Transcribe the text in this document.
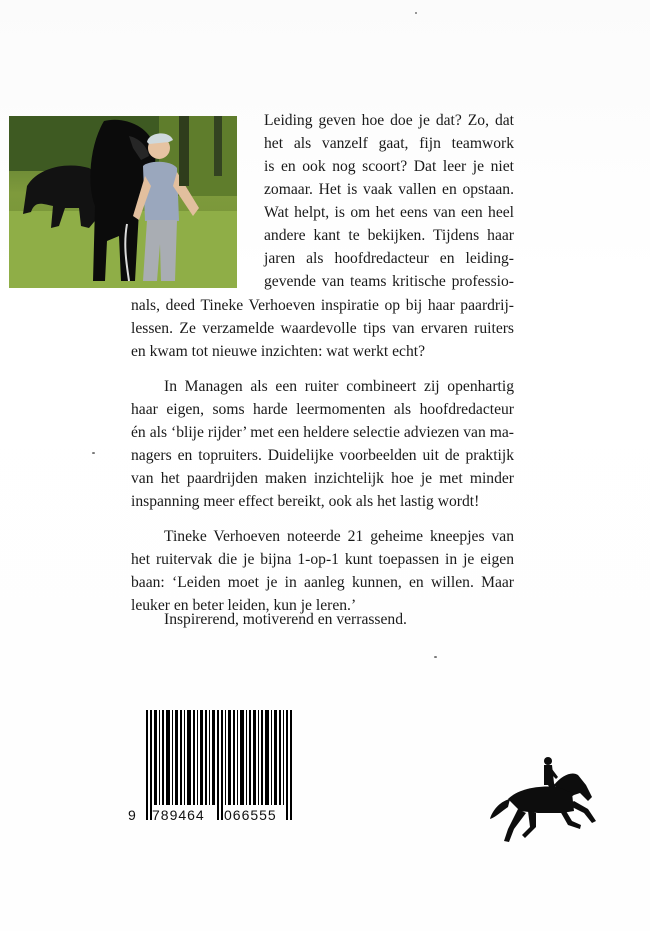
Leiding geven hoe doe je dat? Zo, dat
het als vanzelf gaat, fijn teamwork
is en ook nog scoort? Dat leer je niet
zomaar. Het is vaak vallen en opstaan.
Wat helpt, is om het eens van een heel
andere kant te bekijken. Tijdens haar
jaren als hoofdredacteur en leiding-
gevende van teams kritische professio-
nals, deed Tineke Verhoeven inspiratie op bij haar paardrij-
lessen. Ze verzamelde waardevolle tips van ervaren ruiters
en kwam tot nieuwe inzichten: wat werkt echt?
In Managen als een ruiter combineert zij openhartig
haar eigen, soms harde leermomenten als hoofdredacteur
én als ‘blije rijder’ met een heldere selectie adviezen van ma-
nagers en topruiters. Duidelijke voorbeelden uit de praktijk
van het paardrijden maken inzichtelijk hoe je met minder
inspanning meer effect bereikt, ook als het lastig wordt!
Tineke Verhoeven noteerde 21 geheime kneepjes van
het ruitervak die je bijna 1-op-1 kunt toepassen in je eigen
baan: ‘Leiden moet je in aanleg kunnen, en willen. Maar
leuker en beter leiden, kun je leren.’
Inspirerend, motiverend en verrassend.
9 789464 066555
